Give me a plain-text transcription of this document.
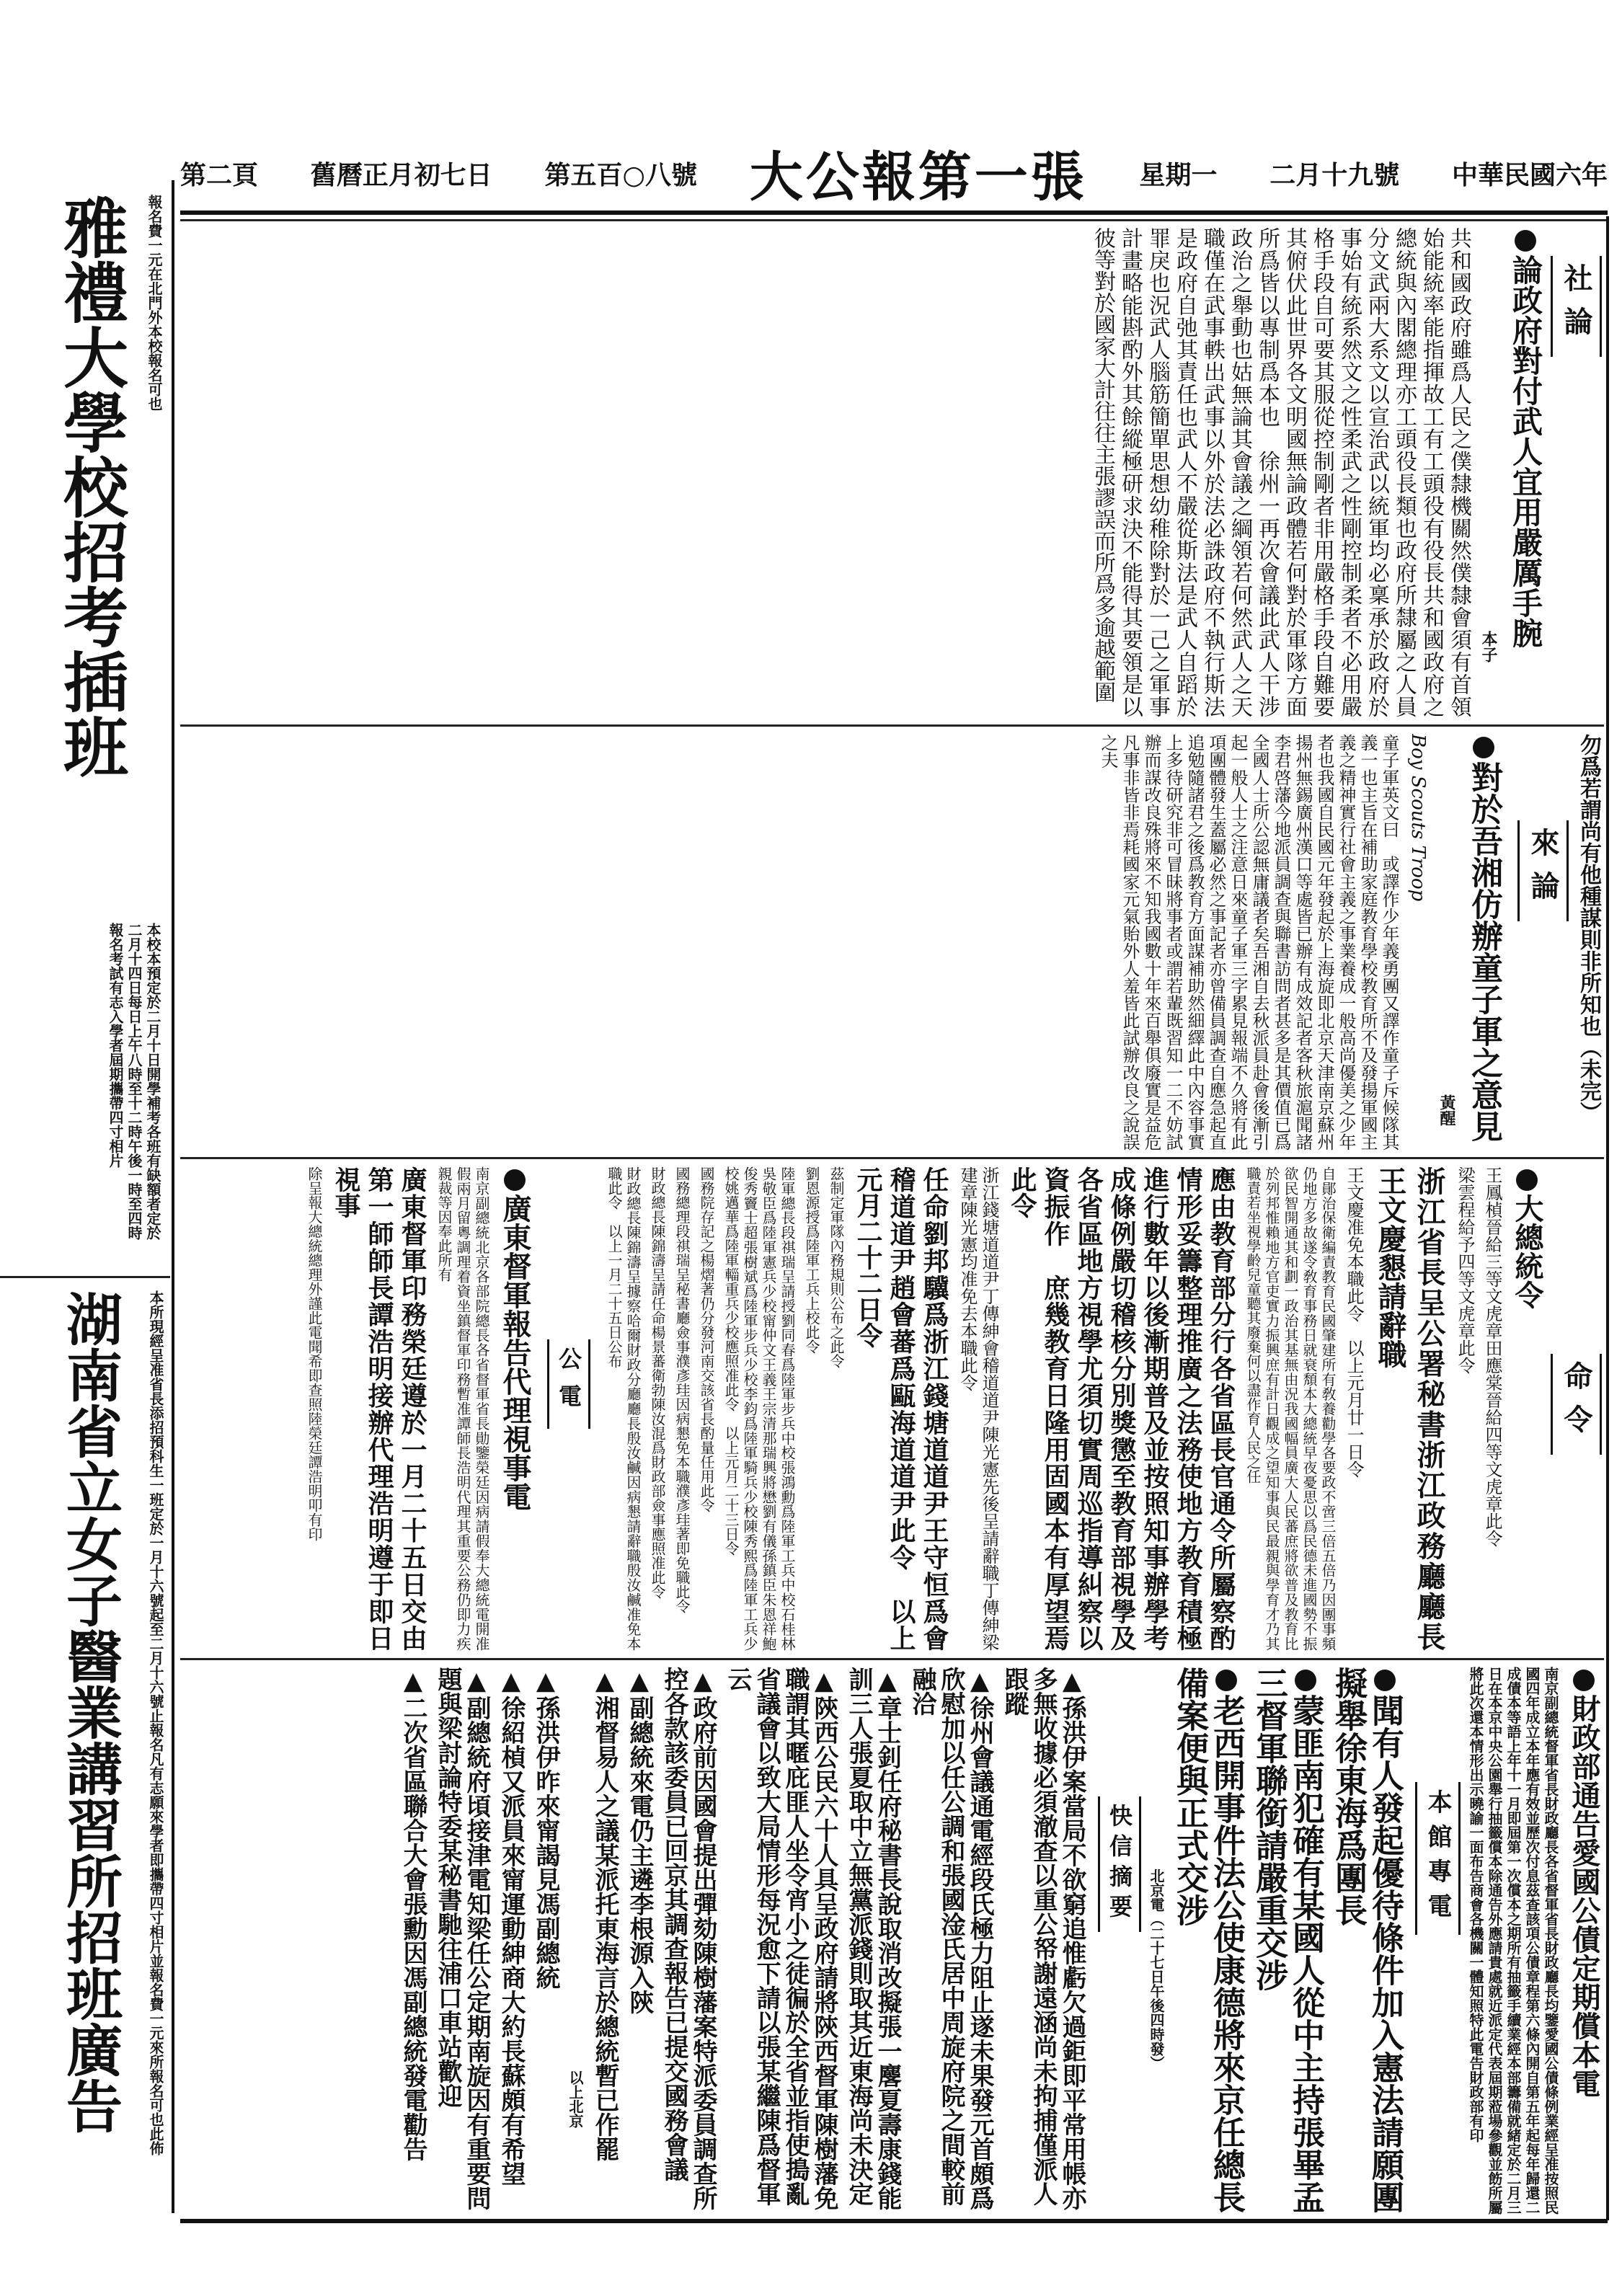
中華民國六年
二月十九號
星期一
大公報第一張
第五百○八號
舊曆正月初七日
第二頁
雅禮大學校招考插班	報名費一元在北門外本校報名可也
本校本預定於二月十日開學補考各班有缺額者定於二月十四日每日上午八時至十二時午後一時至四時報名考試有志入學者屆期攜帶四寸相片
湖南省立女子醫業講習所招班廣告	本所現經呈准省長添招預科生一班定於一月十六號起至二月十六號止報名凡有志願來學者即攜帶四寸相片並報名費一元來所報名可也此佈
社論
論政府對付武人宜用嚴厲手腕
本子
共和國政府雖爲人民之僕隸機關然僕隸會須有首領始能統率能指揮故工有工頭役有役長共和國政府之總統與內閣總理亦工頭役長類也政府所隸屬之人員分文武兩大系文以宣治武以統軍均必稟承於政府於事始有統系然文之性柔武之性剛控制柔者不必用嚴格手段自可要其服從控制剛者非用嚴格手段自難要其俯伏此世界各文明國無論政體若何對於軍隊方面所爲皆以專制爲本也　徐州一再次會議此武人干涉政治之舉動也姑無論其會議之綱領若何然武人之天職僅在武事軼出武事以外於法必誅政府不執行斯法是政府自弛其責任也武人不嚴從斯法是武人自蹈於罪戾也況武人腦筋簡單思想幼稚除對於一己之軍事計畫略能斟酌外其餘縱極研求決不能得其要領是以彼等對於國家大計往往主張謬誤而所爲多逾越範圍
勿爲若謂尚有他種謀則非所知也（未完）
來論
對於吾湘仿辦童子軍之意見
黃醒
Boy Scouts Troop
童子軍英文曰　或譯作少年義勇團又譯作童子斥候隊其義一也主旨在補助家庭教育學校教育所不及發揚軍國主義之精神實行社會主義之事業養成一般高尚優美之少年者也我國自民國元年發起於上海旋即北京天津南京蘇州揚州無錫廣州漢口等處皆已辦有成效記者客秋旅滬聞諸李君啓藩今地派員調查與聯書訪問者甚多是其價值已爲全國人士所公認無庸議者矣吾湘自去秋派員赴會後漸引起一般人士之注意日來童子軍三字累見報端不久將有此項團體發生蓋屬必然之事記者亦曾備員調查自應急起直追勉隨諸君之後爲教育方面謀補助然細繹此中內容事實上多待研究非可冒昧將事者或謂若輩既習知一二不妨試辦而謀改良殊將來不知我國數十年來百舉俱廢實是益危凡事非皆非焉耗國家元氣貽外人羞皆此試辦改良之說誤之夫
命令
大總統令
王鳳楨晉給三等文虎章田應棠晉給四等文虎章此令
梁雲程給予四等文虎章此令
浙江省長呈公署秘書浙江政務廳廳長王文慶懇請辭職
王文慶准免本職此令　以上元月廿一日令
自鄖治保衛編責教育民國肇建所有敎養勸學各要政不啻三倍五倍乃因團事頻仍地方多故遂令敎育事務日就衰頽本大總統早夜憂思以爲民德未進國勢不振欲民智開通其和劃一政治其基無由況我國幅員廣大人民蕃庶將欲普及教育比於列邦惟賴地方官吏實力振興庶有計日觀成之望知事與民最親與學育才乃其職責若坐視學齡兒童聽其廢棄何以盡作育人民之任
應由教育部分行各省區長官通令所屬察酌情形妥籌整理推廣之法務使地方教育積極進行數年以後漸期普及並按照知事辦學考成條例嚴切稽核分別獎懲至教育部視學及各省區地方視學尤須切實周巡指導糾察以資振作　庶幾教育日隆用固國本有厚望焉此令
浙江錢塘道道尹丁傳紳會稽道道尹陳光憲先後呈請辭職丁傳紳梁建章陳光憲均准免去本職此令
任命劉邦驥爲浙江錢塘道道尹王守恒爲會稽道道尹趙會蕃爲甌海道道尹此令　以上元月二十二日令
茲制定軍隊內務規則公布之此令
劉恩源授爲陸軍工兵上校此令
陸軍總長段祺瑞呈請授劉同春爲陸軍步兵中校張鴻勳爲陸軍工兵中校石桂林吳敬臣爲陸軍憲兵少校甯仲文王義王宗清那瑞興將懋劉有儀孫鎮臣朱恩祥鮑俊秀竇士超張樹斌爲陸軍步兵少校李鈞爲陸軍騎兵少校陳秀熙爲陸軍工兵少校姚邁華爲陸軍輜重兵少校應照准此令　以上元月二十三日令
國務院存記之楊熠著仍分發河南交該省長酌量任用此令
國務總理段祺瑞呈秘書廳僉事濮彥珪因病懇免本職濮彥珪著即免職此令
財政總長陳錦濤呈請任命楊景蕃衛勃陳汝混爲財政部僉事應照准此令
財政總長陳錦濤呈據察哈爾財政分廳廳長殷汝鹹因病懇請辭職殷汝鹹准免本職此令　以上一月二十五日公布
公電
廣東督軍報告代理視事電
南京副總統北京各部院總長各省督軍省長勛鑒榮廷因病請假奉大總統電開准假兩月留粵調理着資坐鎮督軍印務暫准譚師長浩明代理其重要公務仍即力疾親裁等因奉此所有
廣東督軍印務榮廷遵於一月二十五日交由第一師師長譚浩明接辦代理浩明遵于即日視事
除呈報大總統總理外謹此電聞希即查照陸榮廷譚浩明叩有印
財政部通告愛國公債定期償本電
南京副總統督軍省長財政廳長各省督軍省長財政廳長均鑒愛國公債條例業經呈准按照民國四年成立本年應有效並歷次付息茲查該項公債章程第六條內開自第五年起每年歸還二成債本等語上年十一月即屆第一次償本之期所有抽籤手續業經本部籌備就緒定於二月三日在本京中央公園舉行抽籤償本除通告外應請貴處就近派定代表屆期蒞場參觀並飭所屬將此次還本情形出示曉諭一面布告商會各機關一體知照特此電告財政部有印
本館專電
聞有人發起優待條件加入憲法請願團擬舉徐東海爲團長
蒙匪南犯確有某國人從中主持張畢孟三督軍聯銜請嚴重交涉
老西開事件法公使康德將來京任總長備案便與正式交涉
北京電（二十七日午後四時發）
快信摘要
▲ 孫洪伊案當局不欲窮追惟虧欠過鉅即平常用帳亦多無收據必須澈查以重公帑謝遠涵尚未拘捕僅派人跟蹤
▲ 徐州會議通電經段氏極力阻止遂未果發元首頗爲欣慰加以任公調和張國淦氏居中周旋府院之間較前融洽
▲ 章士釗任府秘書長說取消改擬張一麐夏壽康錢能訓三人張夏取中立無黨派錢則取其近東海尚未決定
▲ 陝西公民六十人具呈政府請將陝西督軍陳樹藩免職謂其暱庇匪人坐令宵小之徒徧於全省並指使搗亂省議會以致大局情形每況愈下請以張某繼陳爲督軍云
▲ 政府前因國會提出彈劾陳樹藩案特派委員調查所控各款該委員已回京其調查報告已提交國務會議
▲ 副總統來電仍主遴李根源入陝
▲ 湘督易人之議某派托東海言於總統暫已作罷
以上北京
▲ 孫洪伊昨來甯謁見馮副總統
▲ 徐紹楨又派員來甯運動紳商大約長蘇頗有希望
▲ 副總統府頃接津電知梁任公定期南旋因有重要問題與梁討論特委某秘書馳往浦口車站歡迎
▲ 二次省區聯合大會張勳因馮副總統發電勸告
